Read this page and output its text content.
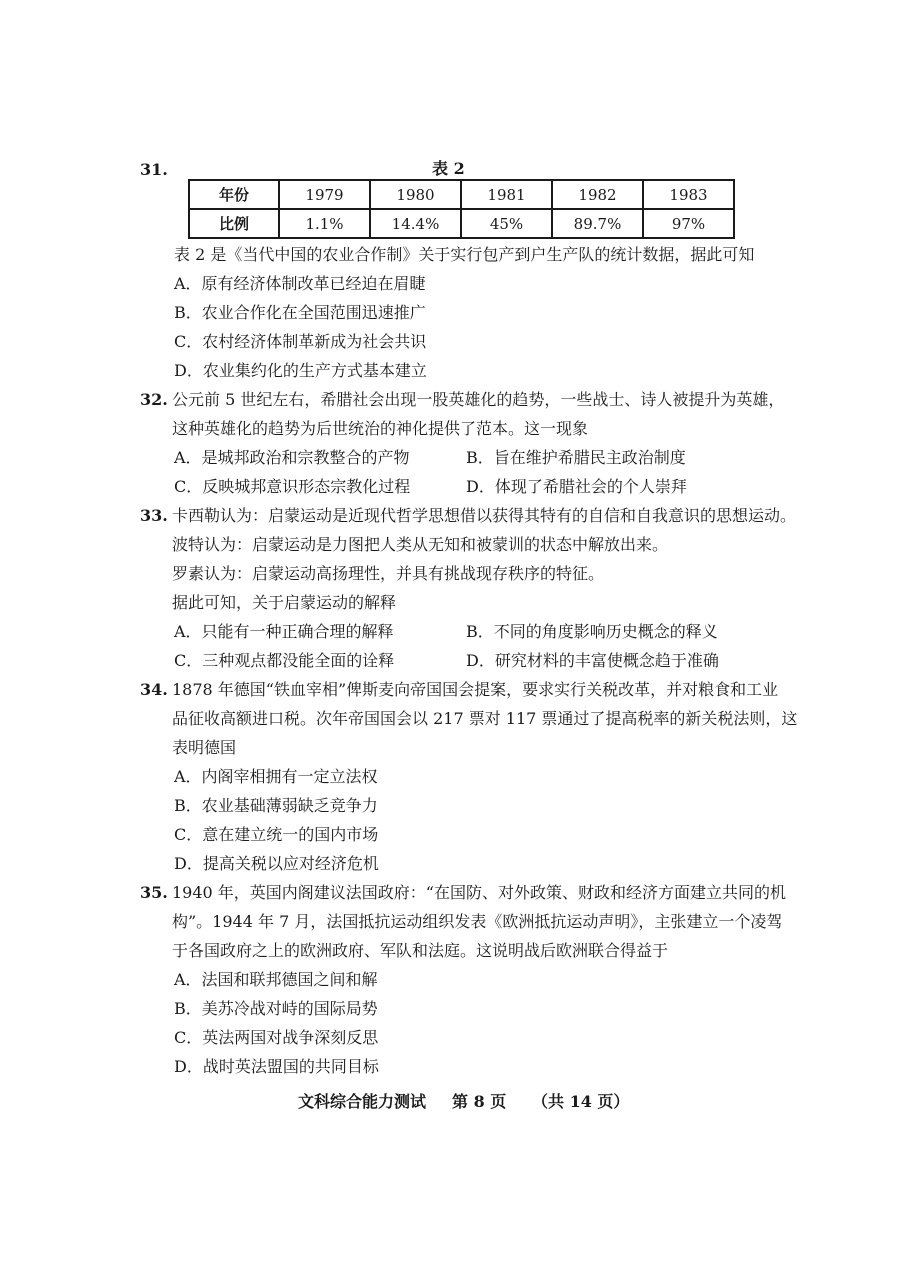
31.	表 2
年份	1979	1980	1981	1982	1983
比例	1.1%	14.4%	45%	89.7%	97%
表 2 是《当代中国的农业合作制》关于实行包产到户生产队的统计数据，据此可知
A．原有经济体制改革已经迫在眉睫
B．农业合作化在全国范围迅速推广
C．农村经济体制革新成为社会共识
D．农业集约化的生产方式基本建立
32. 公元前 5 世纪左右，希腊社会出现一股英雄化的趋势，一些战士、诗人被提升为英雄，
这种英雄化的趋势为后世统治的神化提供了范本。这一现象
A．是城邦政治和宗教整合的产物	B．旨在维护希腊民主政治制度
C．反映城邦意识形态宗教化过程	D．体现了希腊社会的个人崇拜
33. 卡西勒认为：启蒙运动是近现代哲学思想借以获得其特有的自信和自我意识的思想运动。
波特认为：启蒙运动是力图把人类从无知和被蒙训的状态中解放出来。
罗素认为：启蒙运动高扬理性，并具有挑战现存秩序的特征。
据此可知，关于启蒙运动的解释
A．只能有一种正确合理的解释	B．不同的角度影响历史概念的释义
C．三种观点都没能全面的诠释	D．研究材料的丰富使概念趋于准确
34. 1878 年德国“铁血宰相”俾斯麦向帝国国会提案，要求实行关税改革，并对粮食和工业
品征收高额进口税。次年帝国国会以 217 票对 117 票通过了提高税率的新关税法则，这
表明德国
A．内阁宰相拥有一定立法权
B．农业基础薄弱缺乏竞争力
C．意在建立统一的国内市场
D．提高关税以应对经济危机
35. 1940 年，英国内阁建议法国政府：“在国防、对外政策、财政和经济方面建立共同的机
构”。1944 年 7 月，法国抵抗运动组织发表《欧洲抵抗运动声明》，主张建立一个凌驾
于各国政府之上的欧洲政府、军队和法庭。这说明战后欧洲联合得益于
A．法国和联邦德国之间和解
B．美苏冷战对峙的国际局势
C．英法两国对战争深刻反思
D．战时英法盟国的共同目标
文科综合能力测试 第 8 页 （共 14 页）
